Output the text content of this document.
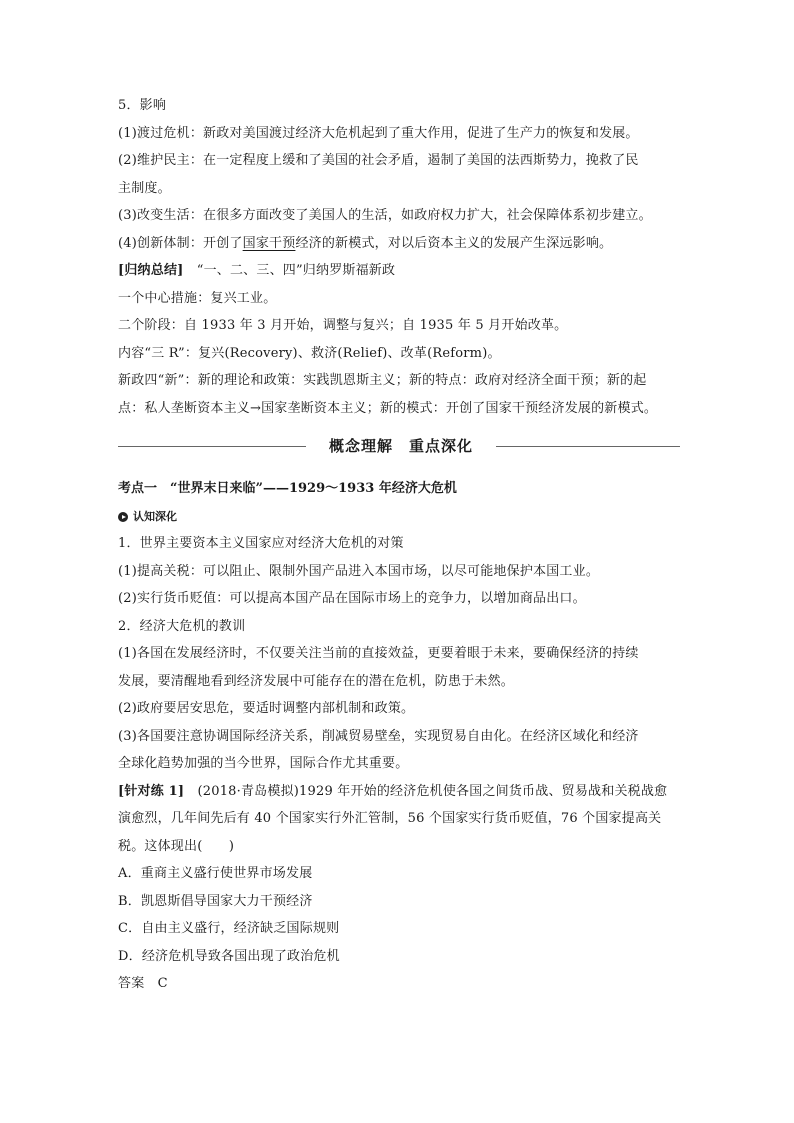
5．影响
(1)渡过危机：新政对美国渡过经济大危机起到了重大作用，促进了生产力的恢复和发展。
(2)维护民主：在一定程度上缓和了美国的社会矛盾，遏制了美国的法西斯势力，挽救了民
主制度。
(3)改变生活：在很多方面改变了美国人的生活，如政府权力扩大，社会保障体系初步建立。
(4)创新体制：开创了国家干预经济的新模式，对以后资本主义的发展产生深远影响。
[归纳总结]　 “一、二、三、四”归纳罗斯福新政
一个中心措施：复兴工业。
二个阶段：自 1933 年 3 月开始，调整与复兴；自 1935 年 5 月开始改革。
内容“三 R”：复兴(Recovery)、救济(Relief)、改革(Reform)。
新政四“新”：新的理论和政策：实践凯恩斯主义；新的特点：政府对经济全面干预；新的起
点：私人垄断资本主义→国家垄断资本主义；新的模式：开创了国家干预经济发展的新模式。
概念理解　重点深化
考点一　“世界末日来临”——1929～1933 年经济大危机
认知深化
1．世界主要资本主义国家应对经济大危机的对策
(1)提高关税：可以阻止、限制外国产品进入本国市场，以尽可能地保护本国工业。
(2)实行货币贬值：可以提高本国产品在国际市场上的竞争力，以增加商品出口。
2．经济大危机的教训
(1)各国在发展经济时，不仅要关注当前的直接效益，更要着眼于未来，要确保经济的持续
发展，要清醒地看到经济发展中可能存在的潜在危机，防患于未然。
(2)政府要居安思危，要适时调整内部机制和政策。
(3)各国要注意协调国际经济关系，削减贸易壁垒，实现贸易自由化。在经济区域化和经济
全球化趋势加强的当今世界，国际合作尤其重要。
[针对练 1]　 (2018·青岛模拟)1929 年开始的经济危机使各国之间货币战、贸易战和关税战愈
演愈烈，几年间先后有 40 个国家实行外汇管制，56 个国家实行货币贬值，76 个国家提高关
税。这体现出(　　)
A．重商主义盛行使世界市场发展
B．凯恩斯倡导国家大力干预经济
C．自由主义盛行，经济缺乏国际规则
D．经济危机导致各国出现了政治危机
答案　C
